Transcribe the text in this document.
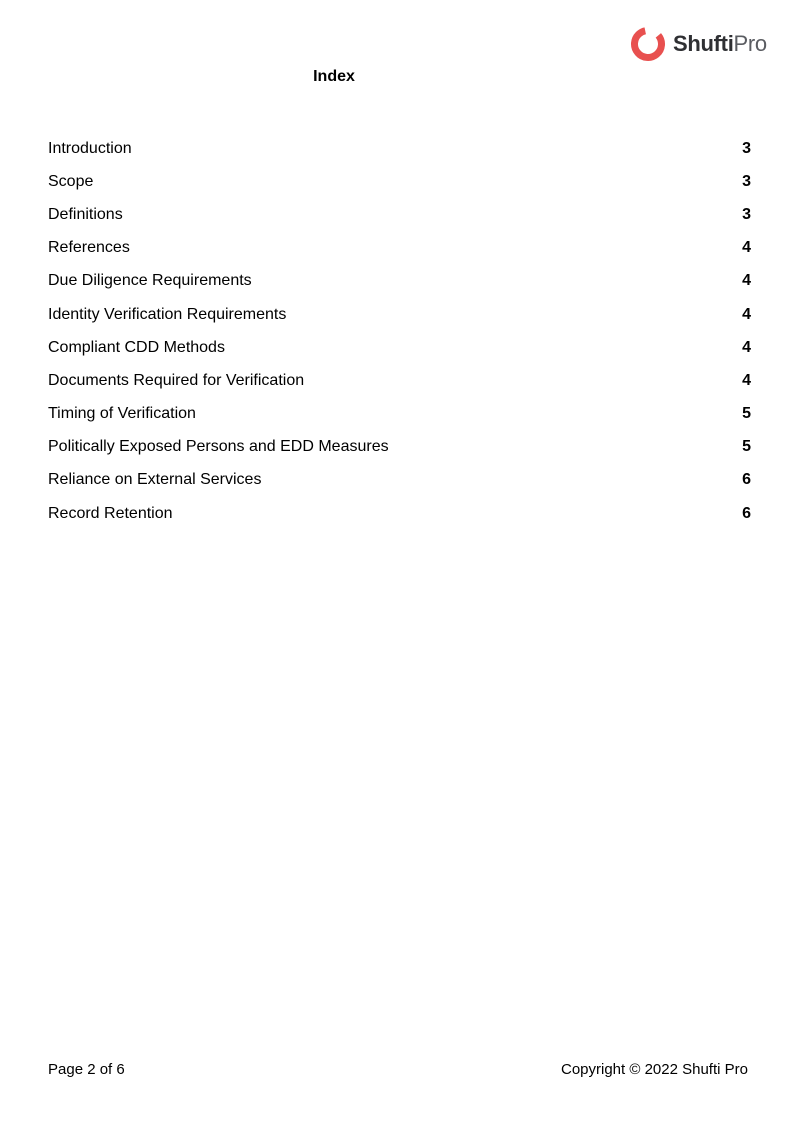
ShuftiPro
Index
Introduction	3
Scope	3
Definitions	3
References	4
Due Diligence Requirements	4
Identity Verification Requirements	4
Compliant CDD Methods	4
Documents Required for Verification	4
Timing of Verification	5
Politically Exposed Persons and EDD Measures	5
Reliance on External Services	6
Record Retention	6
Page 2 of 6	Copyright © 2022 Shufti Pro
